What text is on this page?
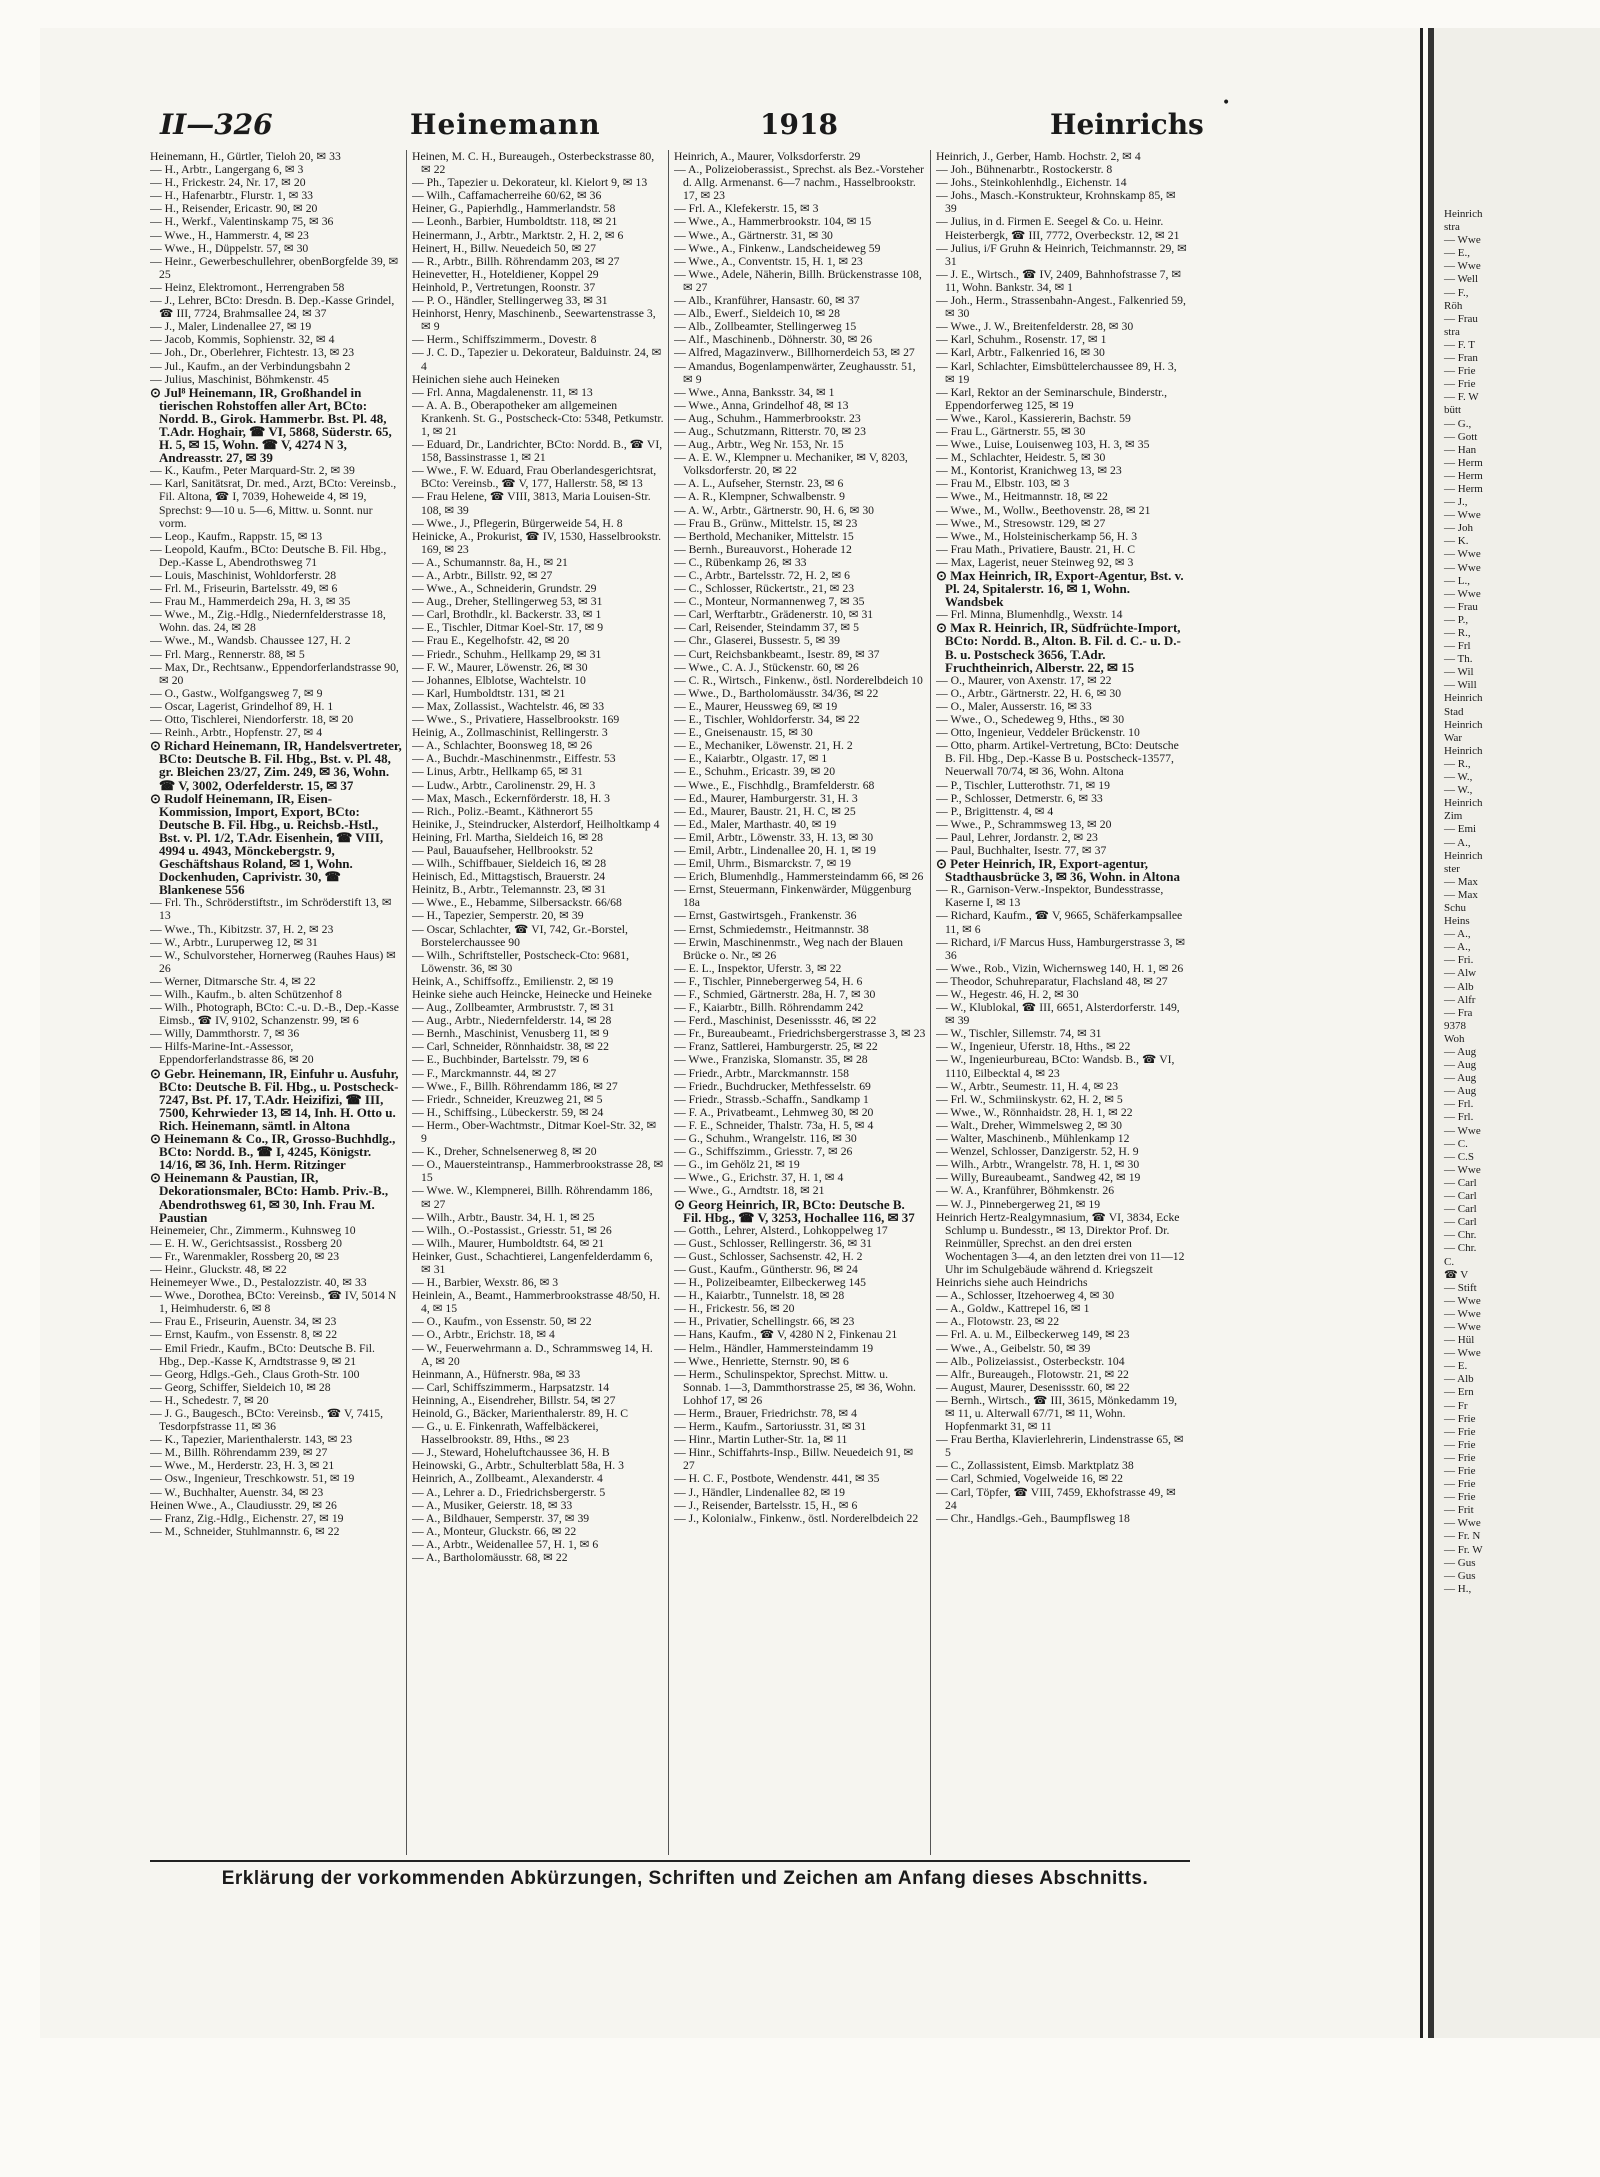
Heinrich

stra

— Wwe

— E.,

— Wwe

— Well

— F.,

Röh

— Frau

stra

— F. T

— Fran

— Frie

— Frie

— F. W

bütt

— G.,

— Gott

— Han

— Herm

— Herm

— Herm

— J.,

— Wwe

— Joh

— K.

— Wwe

— Wwe

— L.,

— Wwe

— Frau

— P.,

— R.,

— Frl

— Th.

— Wil

— Will

Heinrich

Stad

Heinrich

War

Heinrich

— R.,

— W.,

— W.,

Heinrich

Zim

— Emi

— A.,

Heinrich

ster

— Max

— Max

Schu

Heins

— A.,

— A.,

— Fri.

— Alw

— Alb

— Alfr

— Fra

9378

Woh

— Aug

— Aug

— Aug

— Aug

— Frl.

— Frl.

— Wwe

— C.

— C.S

— Wwe

— Carl

— Carl

— Carl

— Carl

— Chr.

— Chr.

C.

☎ V

— Stift

— Wwe

— Wwe

— Wwe

— Hül

— Wwe

— E.

— Alb

— Ern

— Fr

— Frie

— Frie

— Frie

— Frie

— Frie

— Frie

— Frie

— Frit

— Wwe

— Fr. N

— Fr. W

— Gus

— Gus

— H.,

II—326	Heinemann	1918	Heinrichs
•

Heinemann, H., Gürtler, Tieloh 20, ✉ 33

— H., Arbtr., Langergang 6, ✉ 3

— H., Frickestr. 24, Nr. 17, ✉ 20

— H., Hafenarbtr., Flurstr. 1, ✉ 33

— H., Reisender, Ericastr. 90, ✉ 20

— H., Werkf., Valentinskamp 75, ✉ 36

— Wwe., H., Hammerstr. 4, ✉ 23

— Wwe., H., Düppelstr. 57, ✉ 30

— Heinr., Gewerbeschullehrer, obenBorgfelde 39, ✉ 25

— Heinz, Elektromont., Herrengraben 58

— J., Lehrer, BCto: Dresdn. B. Dep.-Kasse Grindel, ☎ III, 7724, Brahmsallee 24, ✉ 37

— J., Maler, Lindenallee 27, ✉ 19

— Jacob, Kommis, Sophienstr. 32, ✉ 4

— Joh., Dr., Oberlehrer, Fichtestr. 13, ✉ 23

— Jul., Kaufm., an der Verbindungsbahn 2

— Julius, Maschinist, Böhmkenstr. 45

⊙ Jul⁸ Heinemann, IR, Großhandel in tierischen Rohstoffen aller Art, BCto: Nordd. B., Girok. Hammerbr. Bst. Pl. 48, T.Adr. Hoghair, ☎ VI, 5868, Süderstr. 65, H. 5, ✉ 15, Wohn. ☎ V, 4274 N 3, Andreasstr. 27, ✉ 39

— K., Kaufm., Peter Marquard-Str. 2, ✉ 39

— Karl, Sanitätsrat, Dr. med., Arzt, BCto: Vereinsb., Fil. Altona, ☎ I, 7039, Hoheweide 4, ✉ 19, Sprechst: 9—10 u. 5—6, Mittw. u. Sonnt. nur vorm.

— Leop., Kaufm., Rappstr. 15, ✉ 13

— Leopold, Kaufm., BCto: Deutsche B. Fil. Hbg., Dep.-Kasse L, Abendrothsweg 71

— Louis, Maschinist, Wohldorferstr. 28

— Frl. M., Friseurin, Bartelsstr. 49, ✉ 6

— Frau M., Hammerdeich 29a, H. 3, ✉ 35

— Wwe., M., Zig.-Hdlg., Niedernfelderstrasse 18, Wohn. das. 24, ✉ 28

— Wwe., M., Wandsb. Chaussee 127, H. 2

— Frl. Marg., Rennerstr. 88, ✉ 5

— Max, Dr., Rechtsanw., Eppendorferlandstrasse 90, ✉ 20

— O., Gastw., Wolfgangsweg 7, ✉ 9

— Oscar, Lagerist, Grindelhof 89, H. 1

— Otto, Tischlerei, Niendorferstr. 18, ✉ 20

— Reinh., Arbtr., Hopfenstr. 27, ✉ 4

⊙ Richard Heinemann, IR, Handelsvertreter, BCto: Deutsche B. Fil. Hbg., Bst. v. Pl. 48, gr. Bleichen 23/27, Zim. 249, ✉ 36, Wohn. ☎ V, 3002, Oderfelderstr. 15, ✉ 37

⊙ Rudolf Heinemann, IR, Eisen-Kommission, Import, Export, BCto: Deutsche B. Fil. Hbg., u. Reichsb.-Hstl., Bst. v. Pl. 1/2, T.Adr. Eisenhein, ☎ VIII, 4994 u. 4943, Mönckebergstr. 9, Geschäftshaus Roland, ✉ 1, Wohn. Dockenhuden, Caprivistr. 30, ☎ Blankenese 556

— Frl. Th., Schröderstiftstr., im Schröderstift 13, ✉ 13

— Wwe., Th., Kibitzstr. 37, H. 2, ✉ 23

— W., Arbtr., Luruperweg 12, ✉ 31

— W., Schulvorsteher, Hornerweg (Rauhes Haus) ✉ 26

— Werner, Ditmarsche Str. 4, ✉ 22

— Wilh., Kaufm., b. alten Schützenhof 8

— Wilh., Photograph, BCto: C.-u. D.-B., Dep.-Kasse Eimsb., ☎ IV, 9102, Schanzenstr. 99, ✉ 6

— Willy, Dammthorstr. 7, ✉ 36

— Hilfs-Marine-Int.-Assessor, Eppendorferlandstrasse 86, ✉ 20

⊙ Gebr. Heinemann, IR, Einfuhr u. Ausfuhr, BCto: Deutsche B. Fil. Hbg., u. Postscheck- 7247, Bst. Pf. 17, T.Adr. Heizifizi, ☎ III, 7500, Kehrwieder 13, ✉ 14, Inh. H. Otto u. Rich. Heinemann, sämtl. in Altona

⊙ Heinemann & Co., IR, Grosso-Buchhdlg., BCto: Nordd. B., ☎ I, 4245, Königstr. 14/16, ✉ 36, Inh. Herm. Ritzinger

⊙ Heinemann & Paustian, IR, Dekorationsmaler, BCto: Hamb. Priv.-B., Abendrothsweg 61, ✉ 30, Inh. Frau M. Paustian

Heinemeier, Chr., Zimmerm., Kuhnsweg 10

— E. H. W., Gerichtsassist., Rossberg 20

— Fr., Warenmakler, Rossberg 20, ✉ 23

— Heinr., Gluckstr. 48, ✉ 22

Heinemeyer Wwe., D., Pestalozzistr. 40, ✉ 33

— Wwe., Dorothea, BCto: Vereinsb., ☎ IV, 5014 N 1, Heimhuderstr. 6, ✉ 8

— Frau E., Friseurin, Auenstr. 34, ✉ 23

— Ernst, Kaufm., von Essenstr. 8, ✉ 22

— Emil Friedr., Kaufm., BCto: Deutsche B. Fil. Hbg., Dep.-Kasse K, Arndtstrasse 9, ✉ 21

— Georg, Hdlgs.-Geh., Claus Groth-Str. 100

— Georg, Schiffer, Sieldeich 10, ✉ 28

— H., Schedestr. 7, ✉ 20

— J. G., Baugesch., BCto: Vereinsb., ☎ V, 7415, Tesdorpfstrasse 11, ✉ 36

— K., Tapezier, Marienthalerstr. 143, ✉ 23

— M., Billh. Röhrendamm 239, ✉ 27

— Wwe., M., Herderstr. 23, H. 3, ✉ 21

— Osw., Ingenieur, Treschkowstr. 51, ✉ 19

— W., Buchhalter, Auenstr. 34, ✉ 23

Heinen Wwe., A., Claudiusstr. 29, ✉ 26

— Franz, Zig.-Hdlg., Eichenstr. 27, ✉ 19

— M., Schneider, Stuhlmannstr. 6, ✉ 22

Heinen, M. C. H., Bureaugeh., Osterbeckstrasse 80, ✉ 22

— Ph., Tapezier u. Dekorateur, kl. Kielort 9, ✉ 13

— Wilh., Caffamacherreihe 60/62, ✉ 36

Heiner, G., Papierhdlg., Hammerlandstr. 58

— Leonh., Barbier, Humboldtstr. 118, ✉ 21

Heinermann, J., Arbtr., Marktstr. 2, H. 2, ✉ 6

Heinert, H., Billw. Neuedeich 50, ✉ 27

— R., Arbtr., Billh. Röhrendamm 203, ✉ 27

Heinevetter, H., Hoteldiener, Koppel 29

Heinhold, P., Vertretungen, Roonstr. 37

— P. O., Händler, Stellingerweg 33, ✉ 31

Heinhorst, Henry, Maschinenb., Seewartenstrasse 3, ✉ 9

— Herm., Schiffszimmerm., Dovestr. 8

— J. C. D., Tapezier u. Dekorateur, Balduinstr. 24, ✉ 4

Heinichen siehe auch Heineken

— Frl. Anna, Magdalenenstr. 11, ✉ 13

— A. A. B., Oberapotheker am allgemeinen Krankenh. St. G., Postscheck-Cto: 5348, Petkumstr. 1, ✉ 21

— Eduard, Dr., Landrichter, BCto: Nordd. B., ☎ VI, 158, Bassinstrasse 1, ✉ 21

— Wwe., F. W. Eduard, Frau Oberlandesgerichtsrat, BCto: Vereinsb., ☎ V, 177, Hallerstr. 58, ✉ 13

— Frau Helene, ☎ VIII, 3813, Maria Louisen-Str. 108, ✉ 39

— Wwe., J., Pflegerin, Bürgerweide 54, H. 8

Heinicke, A., Prokurist, ☎ IV, 1530, Hasselbrookstr. 169, ✉ 23

— A., Schumannstr. 8a, H., ✉ 21

— A., Arbtr., Billstr. 92, ✉ 27

— Wwe., A., Schneiderin, Grundstr. 29

— Aug., Dreher, Stellingerweg 53, ✉ 31

— Carl, Brothdlr., kl. Backerstr. 33, ✉ 1

— E., Tischler, Ditmar Koel-Str. 17, ✉ 9

— Frau E., Kegelhofstr. 42, ✉ 20

— Friedr., Schuhm., Hellkamp 29, ✉ 31

— F. W., Maurer, Löwenstr. 26, ✉ 30

— Johannes, Elblotse, Wachtelstr. 10

— Karl, Humboldtstr. 131, ✉ 21

— Max, Zollassist., Wachtelstr. 46, ✉ 33

— Wwe., S., Privatiere, Hasselbrookstr. 169

Heinig, A., Zollmaschinist, Rellingerstr. 3

— A., Schlachter, Boonsweg 18, ✉ 26

— A., Buchdr.-Maschinenmstr., Eiffestr. 53

— Linus, Arbtr., Hellkamp 65, ✉ 31

— Ludw., Arbtr., Carolinenstr. 29, H. 3

— Max, Masch., Eckernförderstr. 18, H. 3

— Rich., Poliz.-Beamt., Käthnerort 55

Heinike, J., Steindrucker, Alsterdorf, Heilholtkamp 4

Heining, Frl. Martha, Sieldeich 16, ✉ 28

— Paul, Bauaufseher, Hellbrookstr. 52

— Wilh., Schiffbauer, Sieldeich 16, ✉ 28

Heinisch, Ed., Mittagstisch, Brauerstr. 24

Heinitz, B., Arbtr., Telemannstr. 23, ✉ 31

— Wwe., E., Hebamme, Silbersackstr. 66/68

— H., Tapezier, Semperstr. 20, ✉ 39

— Oscar, Schlachter, ☎ VI, 742, Gr.-Borstel, Borstelerchaussee 90

— Wilh., Schriftsteller, Postscheck-Cto: 9681, Löwenstr. 36, ✉ 30

Heink, A., Schiffsoffz., Emilienstr. 2, ✉ 19

Heinke siehe auch Heincke, Heinecke und Heineke

— Aug., Zollbeamter, Armbruststr. 7, ✉ 31

— Aug., Arbtr., Niedernfelderstr. 14, ✉ 28

— Bernh., Maschinist, Venusberg 11, ✉ 9

— Carl, Schneider, Rönnhaidstr. 38, ✉ 22

— E., Buchbinder, Bartelsstr. 79, ✉ 6

— F., Marckmannstr. 44, ✉ 27

— Wwe., F., Billh. Röhrendamm 186, ✉ 27

— Friedr., Schneider, Kreuzweg 21, ✉ 5

— H., Schiffsing., Lübeckerstr. 59, ✉ 24

— Herm., Ober-Wachtmstr., Ditmar Koel-Str. 32, ✉ 9

— K., Dreher, Schnelsenerweg 8, ✉ 20

— O., Mauersteintransp., Hammerbrookstrasse 28, ✉ 15

— Wwe. W., Klempnerei, Billh. Röhrendamm 186, ✉ 27

— Wilh., Arbtr., Baustr. 34, H. 1, ✉ 25

— Wilh., O.-Postassist., Griesstr. 51, ✉ 26

— Wilh., Maurer, Humboldtstr. 64, ✉ 21

Heinker, Gust., Schachtierei, Langenfelderdamm 6, ✉ 31

— H., Barbier, Wexstr. 86, ✉ 3

Heinlein, A., Beamt., Hammerbrookstrasse 48/50, H. 4, ✉ 15

— O., Kaufm., von Essenstr. 50, ✉ 22

— O., Arbtr., Erichstr. 18, ✉ 4

— W., Feuerwehrmann a. D., Schrammsweg 14, H. A, ✉ 20

Heinmann, A., Hüfnerstr. 98a, ✉ 33

— Carl, Schiffszimmerm., Harpsatzstr. 14

Heinning, A., Eisendreher, Billstr. 54, ✉ 27

Heinold, G., Bäcker, Marienthalerstr. 89, H. C

— G., u. E. Finkenrath, Waffelbäckerei, Hasselbrookstr. 89, Hths., ✉ 23

— J., Steward, Hoheluftchaussee 36, H. B

Heinowski, G., Arbtr., Schulterblatt 58a, H. 3

Heinrich, A., Zollbeamt., Alexanderstr. 4

— A., Lehrer a. D., Friedrichsbergerstr. 5

— A., Musiker, Geierstr. 18, ✉ 33

— A., Bildhauer, Semperstr. 37, ✉ 39

— A., Monteur, Gluckstr. 66, ✉ 22

— A., Arbtr., Weidenallee 57, H. 1, ✉ 6

— A., Bartholomäusstr. 68, ✉ 22

Heinrich, A., Maurer, Volksdorferstr. 29

— A., Polizeioberassist., Sprechst. als Bez.-Vorsteher d. Allg. Armenanst. 6—7 nachm., Hasselbrookstr. 17, ✉ 23

— Frl. A., Klefekerstr. 15, ✉ 3

— Wwe., A., Hammerbrookstr. 104, ✉ 15

— Wwe., A., Gärtnerstr. 31, ✉ 30

— Wwe., A., Finkenw., Landscheideweg 59

— Wwe., A., Conventstr. 15, H. 1, ✉ 23

— Wwe., Adele, Näherin, Billh. Brückenstrasse 108, ✉ 27

— Alb., Kranführer, Hansastr. 60, ✉ 37

— Alb., Ewerf., Sieldeich 10, ✉ 28

— Alb., Zollbeamter, Stellingerweg 15

— Alf., Maschinenb., Döhnerstr. 30, ✉ 26

— Alfred, Magazinverw., Billhornerdeich 53, ✉ 27

— Amandus, Bogenlampenwärter, Zeughausstr. 51, ✉ 9

— Wwe., Anna, Banksstr. 34, ✉ 1

— Wwe., Anna, Grindelhof 48, ✉ 13

— Aug., Schuhm., Hammerbrookstr. 23

— Aug., Schutzmann, Ritterstr. 70, ✉ 23

— Aug., Arbtr., Weg Nr. 153, Nr. 15

— A. E. W., Klempner u. Mechaniker, ✉ V, 8203, Volksdorferstr. 20, ✉ 22

— A. L., Aufseher, Sternstr. 23, ✉ 6

— A. R., Klempner, Schwalbenstr. 9

— A. W., Arbtr., Gärtnerstr. 90, H. 6, ✉ 30

— Frau B., Grünw., Mittelstr. 15, ✉ 23

— Berthold, Mechaniker, Mittelstr. 15

— Bernh., Bureauvorst., Hoherade 12

— C., Rübenkamp 26, ✉ 33

— C., Arbtr., Bartelsstr. 72, H. 2, ✉ 6

— C., Schlosser, Rückertstr., 21, ✉ 23

— C., Monteur, Normannenweg 7, ✉ 35

— Carl, Werftarbtr., Grädenerstr. 10, ✉ 31

— Carl, Reisender, Steindamm 37, ✉ 5

— Chr., Glaserei, Bussestr. 5, ✉ 39

— Curt, Reichsbankbeamt., Isestr. 89, ✉ 37

— Wwe., C. A. J., Stückenstr. 60, ✉ 26

— C. R., Wirtsch., Finkenw., östl. Norderelbdeich 10

— Wwe., D., Bartholomäusstr. 34/36, ✉ 22

— E., Maurer, Heussweg 69, ✉ 19

— E., Tischler, Wohldorferstr. 34, ✉ 22

— E., Gneisenaustr. 15, ✉ 30

— E., Mechaniker, Löwenstr. 21, H. 2

— E., Kaiarbtr., Olgastr. 17, ✉ 1

— E., Schuhm., Ericastr. 39, ✉ 20

— Wwe., E., Fischhdlg., Bramfelderstr. 68

— Ed., Maurer, Hamburgerstr. 31, H. 3

— Ed., Maurer, Baustr. 21, H. C, ✉ 25

— Ed., Maler, Marthastr. 40, ✉ 19

— Emil, Arbtr., Löwenstr. 33, H. 13, ✉ 30

— Emil, Arbtr., Lindenallee 20, H. 1, ✉ 19

— Emil, Uhrm., Bismarckstr. 7, ✉ 19

— Erich, Blumenhdlg., Hammersteindamm 66, ✉ 26

— Ernst, Steuermann, Finkenwärder, Müggenburg 18a

— Ernst, Gastwirtsgeh., Frankenstr. 36

— Ernst, Schmiedemstr., Heitmannstr. 38

— Erwin, Maschinenmstr., Weg nach der Blauen Brücke o. Nr., ✉ 26

— E. L., Inspektor, Uferstr. 3, ✉ 22

— F., Tischler, Pinnebergerweg 54, H. 6

— F., Schmied, Gärtnerstr. 28a, H. 7, ✉ 30

— F., Kaiarbtr., Billh. Röhrendamm 242

— Ferd., Maschinist, Desenissstr. 46, ✉ 22

— Fr., Bureaubeamt., Friedrichsbergerstrasse 3, ✉ 23

— Franz, Sattlerei, Hamburgerstr. 25, ✉ 22

— Wwe., Franziska, Slomanstr. 35, ✉ 28

— Friedr., Arbtr., Marckmannstr. 158

— Friedr., Buchdrucker, Methfesselstr. 69

— Friedr., Strassb.-Schaffn., Sandkamp 1

— F. A., Privatbeamt., Lehmweg 30, ✉ 20

— F. E., Schneider, Thalstr. 73a, H. 5, ✉ 4

— G., Schuhm., Wrangelstr. 116, ✉ 30

— G., Schiffszimm., Griesstr. 7, ✉ 26

— G., im Gehölz 21, ✉ 19

— Wwe., G., Erichstr. 37, H. 1, ✉ 4

— Wwe., G., Arndtstr. 18, ✉ 21

⊙ Georg Heinrich, IR, BCto: Deutsche B. Fil. Hbg., ☎ V, 3253, Hochallee 116, ✉ 37

— Gotth., Lehrer, Alsterd., Lohkoppelweg 17

— Gust., Schlosser, Rellingerstr. 36, ✉ 31

— Gust., Schlosser, Sachsenstr. 42, H. 2

— Gust., Kaufm., Güntherstr. 96, ✉ 24

— H., Polizeibeamter, Eilbeckerweg 145

— H., Kaiarbtr., Tunnelstr. 18, ✉ 28

— H., Frickestr. 56, ✉ 20

— H., Privatier, Schellingstr. 66, ✉ 23

— Hans, Kaufm., ☎ V, 4280 N 2, Finkenau 21

— Helm., Händler, Hammersteindamm 19

— Wwe., Henriette, Sternstr. 90, ✉ 6

— Herm., Schulinspektor, Sprechst. Mittw. u. Sonnab. 1—3, Dammthorstrasse 25, ✉ 36, Wohn. Lohhof 17, ✉ 26

— Herm., Brauer, Friedrichstr. 78, ✉ 4

— Herm., Kaufm., Sartoriusstr. 31, ✉ 31

— Hinr., Martin Luther-Str. 1a, ✉ 11

— Hinr., Schiffahrts-Insp., Billw. Neuedeich 91, ✉ 27

— H. C. F., Postbote, Wendenstr. 441, ✉ 35

— J., Händler, Lindenallee 82, ✉ 19

— J., Reisender, Bartelsstr. 15, H., ✉ 6

— J., Kolonialw., Finkenw., östl. Norderelbdeich 22

Heinrich, J., Gerber, Hamb. Hochstr. 2, ✉ 4

— Joh., Bühnenarbtr., Rostockerstr. 8

— Johs., Steinkohlenhdlg., Eichenstr. 14

— Johs., Masch.-Konstrukteur, Krohnskamp 85, ✉ 39

— Julius, in d. Firmen E. Seegel & Co. u. Heinr. Heisterbergk, ☎ III, 7772, Overbeckstr. 12, ✉ 21

— Julius, i/F Gruhn & Heinrich, Teichmannstr. 29, ✉ 31

— J. E., Wirtsch., ☎ IV, 2409, Bahnhofstrasse 7, ✉ 11, Wohn. Bankstr. 34, ✉ 1

— Joh., Herm., Strassenbahn-Angest., Falkenried 59, ✉ 30

— Wwe., J. W., Breitenfelderstr. 28, ✉ 30

— Karl, Schuhm., Rosenstr. 17, ✉ 1

— Karl, Arbtr., Falkenried 16, ✉ 30

— Karl, Schlachter, Eimsbüttelerchaussee 89, H. 3, ✉ 19

— Karl, Rektor an der Seminarschule, Binderstr., Eppendorferweg 125, ✉ 19

— Wwe., Karol., Kassiererin, Bachstr. 59

— Frau L., Gärtnerstr. 55, ✉ 30

— Wwe., Luise, Louisenweg 103, H. 3, ✉ 35

— M., Schlachter, Heidestr. 5, ✉ 30

— M., Kontorist, Kranichweg 13, ✉ 23

— Frau M., Elbstr. 103, ✉ 3

— Wwe., M., Heitmannstr. 18, ✉ 22

— Wwe., M., Wollw., Beethovenstr. 28, ✉ 21

— Wwe., M., Stresowstr. 129, ✉ 27

— Wwe., M., Holsteinischerkamp 56, H. 3

— Frau Math., Privatiere, Baustr. 21, H. C

— Max, Lagerist, neuer Steinweg 92, ✉ 3

⊙ Max Heinrich, IR, Export-Agentur, Bst. v. Pl. 24, Spitalerstr. 16, ✉ 1, Wohn. Wandsbek

— Frl. Minna, Blumenhdlg., Wexstr. 14

⊙ Max R. Heinrich, IR, Südfrüchte-Import, BCto: Nordd. B., Alton. B. Fil. d. C.- u. D.-B. u. Postscheck 3656, T.Adr. Fruchtheinrich, Alberstr. 22, ✉ 15

— O., Maurer, von Axenstr. 17, ✉ 22

— O., Arbtr., Gärtnerstr. 22, H. 6, ✉ 30

— O., Maler, Ausserstr. 16, ✉ 33

— Wwe., O., Schedeweg 9, Hths., ✉ 30

— Otto, Ingenieur, Veddeler Brückenstr. 10

— Otto, pharm. Artikel-Vertretung, BCto: Deutsche B. Fil. Hbg., Dep.-Kasse B u. Postscheck-13577, Neuerwall 70/74, ✉ 36, Wohn. Altona

— P., Tischler, Lutterothstr. 71, ✉ 19

— P., Schlosser, Detmerstr. 6, ✉ 33

— P., Brigittenstr. 4, ✉ 4

— Wwe., P., Schrammsweg 13, ✉ 20

— Paul, Lehrer, Jordanstr. 2, ✉ 23

— Paul, Buchhalter, Isestr. 77, ✉ 37

⊙ Peter Heinrich, IR, Export-agentur, Stadthausbrücke 3, ✉ 36, Wohn. in Altona

— R., Garnison-Verw.-Inspektor, Bundesstrasse, Kaserne I, ✉ 13

— Richard, Kaufm., ☎ V, 9665, Schäferkampsallee 11, ✉ 6

— Richard, i/F Marcus Huss, Hamburgerstrasse 3, ✉ 36

— Wwe., Rob., Vizin, Wichernsweg 140, H. 1, ✉ 26

— Theodor, Schuhreparatur, Flachsland 48, ✉ 27

— W., Hegestr. 46, H. 2, ✉ 30

— W., Klublokal, ☎ III, 6651, Alsterdorferstr. 149, ✉ 39

— W., Tischler, Sillemstr. 74, ✉ 31

— W., Ingenieur, Uferstr. 18, Hths., ✉ 22

— W., Ingenieurbureau, BCto: Wandsb. B., ☎ VI, 1110, Eilbecktal 4, ✉ 23

— W., Arbtr., Seumestr. 11, H. 4, ✉ 23

— Frl. W., Schmiinskystr. 62, H. 2, ✉ 5

— Wwe., W., Rönnhaidstr. 28, H. 1, ✉ 22

— Walt., Dreher, Wimmelsweg 2, ✉ 30

— Walter, Maschinenb., Mühlenkamp 12

— Wenzel, Schlosser, Danzigerstr. 52, H. 9

— Wilh., Arbtr., Wrangelstr. 78, H. 1, ✉ 30

— Willy, Bureaubeamt., Sandweg 42, ✉ 19

— W. A., Kranführer, Böhmkenstr. 26

— W. J., Pinnebergerweg 21, ✉ 19

Heinrich Hertz-Realgymnasium, ☎ VI, 3834, Ecke Schlump u. Bundesstr., ✉ 13, Direktor Prof. Dr. Reinmüller, Sprechst. an den drei ersten Wochentagen 3—4, an den letzten drei von 11—12 Uhr im Schulgebäude während d. Kriegszeit

Heinrichs siehe auch Heindrichs

— A., Schlosser, Itzehoerweg 4, ✉ 30

— A., Goldw., Kattrepel 16, ✉ 1

— A., Flotowstr. 23, ✉ 22

— Frl. A. u. M., Eilbeckerweg 149, ✉ 23

— Wwe., A., Geibelstr. 50, ✉ 39

— Alb., Polizeiassist., Osterbeckstr. 104

— Alfr., Bureaugeh., Flotowstr. 21, ✉ 22

— August, Maurer, Desenissstr. 60, ✉ 22

— Bernh., Wirtsch., ☎ III, 3615, Mönkedamm 19, ✉ 11, u. Alterwall 67/71, ✉ 11, Wohn. Hopfenmarkt 31, ✉ 11

— Frau Bertha, Klavierlehrerin, Lindenstrasse 65, ✉ 5

— C., Zollassistent, Eimsb. Marktplatz 38

— Carl, Schmied, Vogelweide 16, ✉ 22

— Carl, Töpfer, ☎ VIII, 7459, Ekhofstrasse 49, ✉ 24

— Chr., Handlgs.-Geh., Baumpflsweg 18

Erklärung der vorkommenden Abkürzungen, Schriften und Zeichen am Anfang dieses Abschnitts.
